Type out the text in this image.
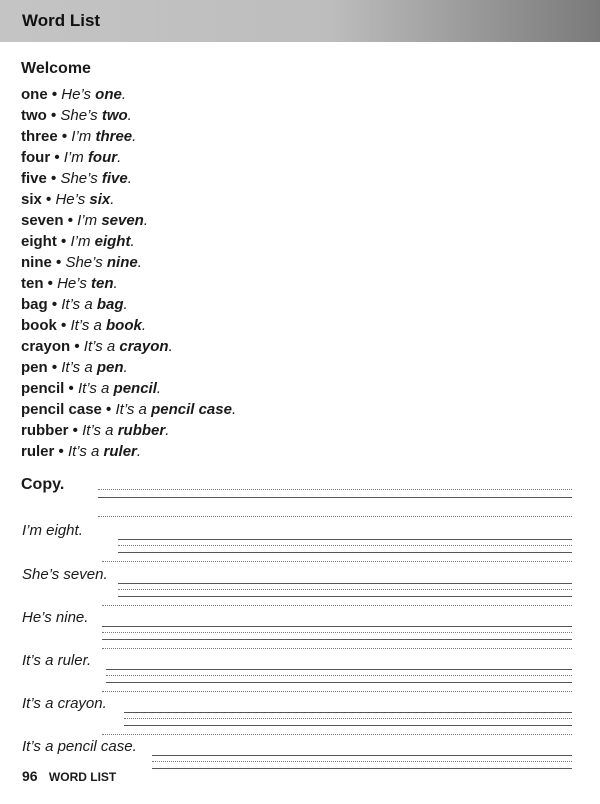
Word List
Welcome
one • He’s one.
two • She’s two.
three • I’m three.
four • I’m four.
five • She’s five.
six • He’s six.
seven • I’m seven.
eight • I’m eight.
nine • She’s nine.
ten • He’s ten.
bag • It’s a bag.
book • It’s a book.
crayon • It’s a crayon.
pen • It’s a pen.
pencil • It’s a pencil.
pencil case • It’s a pencil case.
rubber • It’s a rubber.
ruler • It’s a ruler.
Copy.
I’m eight.
She’s seven.
He’s nine.
It’s a ruler.
It’s a crayon.
It’s a pencil case.
96 WORD LIST
